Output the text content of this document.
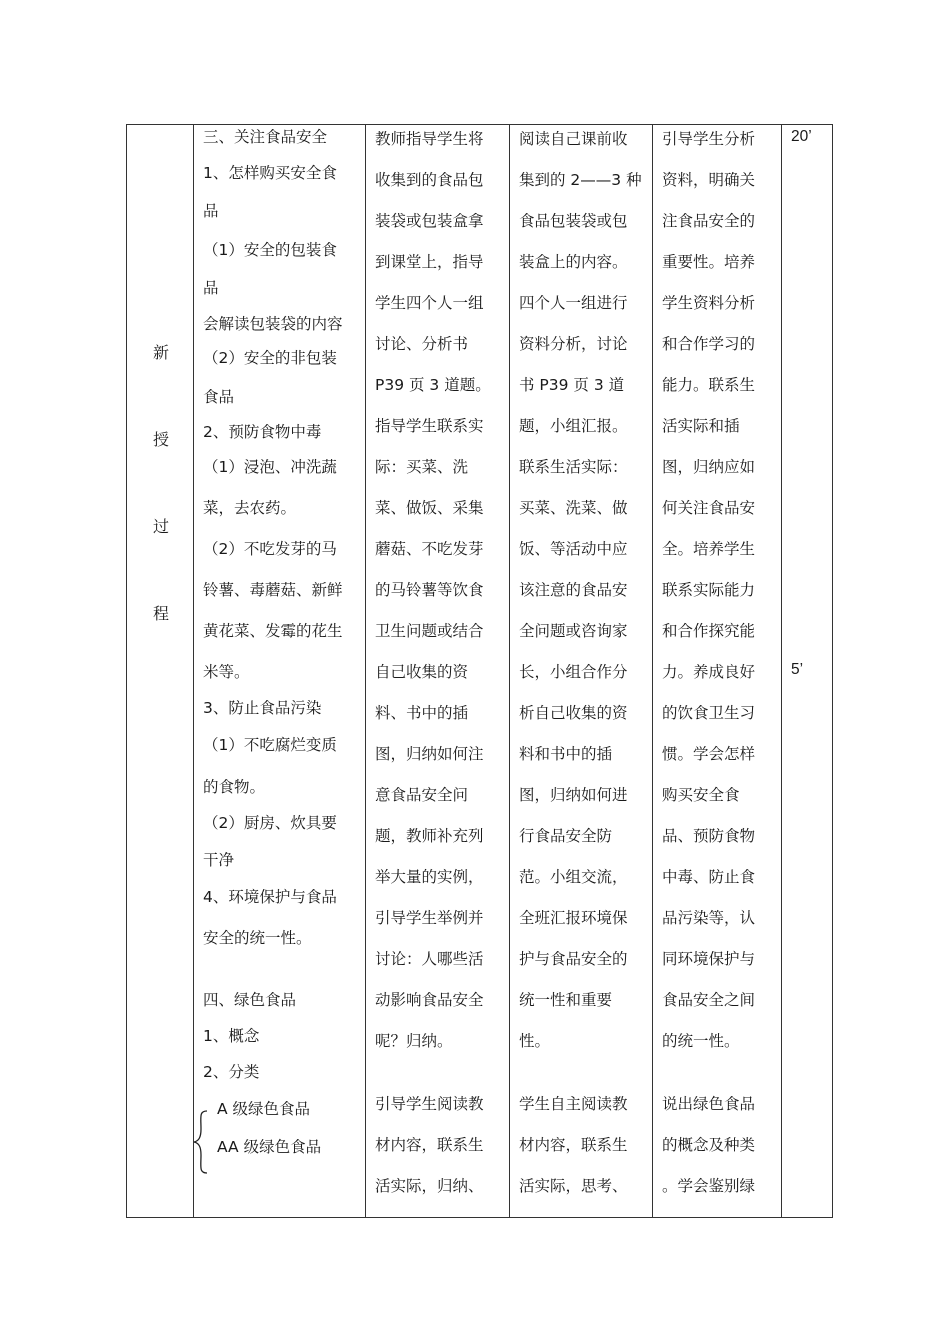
新
授
过
程
三、关注食品安全
1、怎样购买安全食
品
（1）安全的包装食
品
会解读包装袋的内容
（2）安全的非包装
食品
2、预防食物中毒
（1）浸泡、冲洗蔬
菜，去农药。
（2）不吃发芽的马
铃薯、毒蘑菇、新鲜
黄花菜、发霉的花生
米等。
3、防止食品污染
（1）不吃腐烂变质
的食物。
（2）厨房、炊具要
干净
4、环境保护与食品
安全的统一性。
四、绿色食品
1、概念
2、分类
A 级绿色食品
AA 级绿色食品
教师指导学生将
收集到的食品包
装袋或包装盒拿
到课堂上，指导
学生四个人一组
讨论、分析书
P39 页 3 道题。
指导学生联系实
际：买菜、洗
菜、做饭、采集
蘑菇、不吃发芽
的马铃薯等饮食
卫生问题或结合
自己收集的资
料、书中的插
图，归纳如何注
意食品安全问
题，教师补充列
举大量的实例，
引导学生举例并
讨论：人哪些活
动影响食品安全
呢？归纳。
引导学生阅读教
材内容，联系生
活实际，归纳、
阅读自己课前收
集到的 2——3 种
食品包装袋或包
装盒上的内容。
四个人一组进行
资料分析，讨论
书 P39 页 3 道
题，小组汇报。
联系生活实际：
买菜、洗菜、做
饭、等活动中应
该注意的食品安
全问题或咨询家
长，小组合作分
析自己收集的资
料和书中的插
图，归纳如何进
行食品安全防
范。小组交流，
全班汇报环境保
护与食品安全的
统一性和重要
性。
学生自主阅读教
材内容，联系生
活实际，思考、
引导学生分析
资料，明确关
注食品安全的
重要性。培养
学生资料分析
和合作学习的
能力。联系生
活实际和插
图，归纳应如
何关注食品安
全。培养学生
联系实际能力
和合作探究能
力。养成良好
的饮食卫生习
惯。学会怎样
购买安全食
品、预防食物
中毒、防止食
品污染等，认
同环境保护与
食品安全之间
的统一性。
说出绿色食品
的概念及种类
。学会鉴别绿
20’
5’
